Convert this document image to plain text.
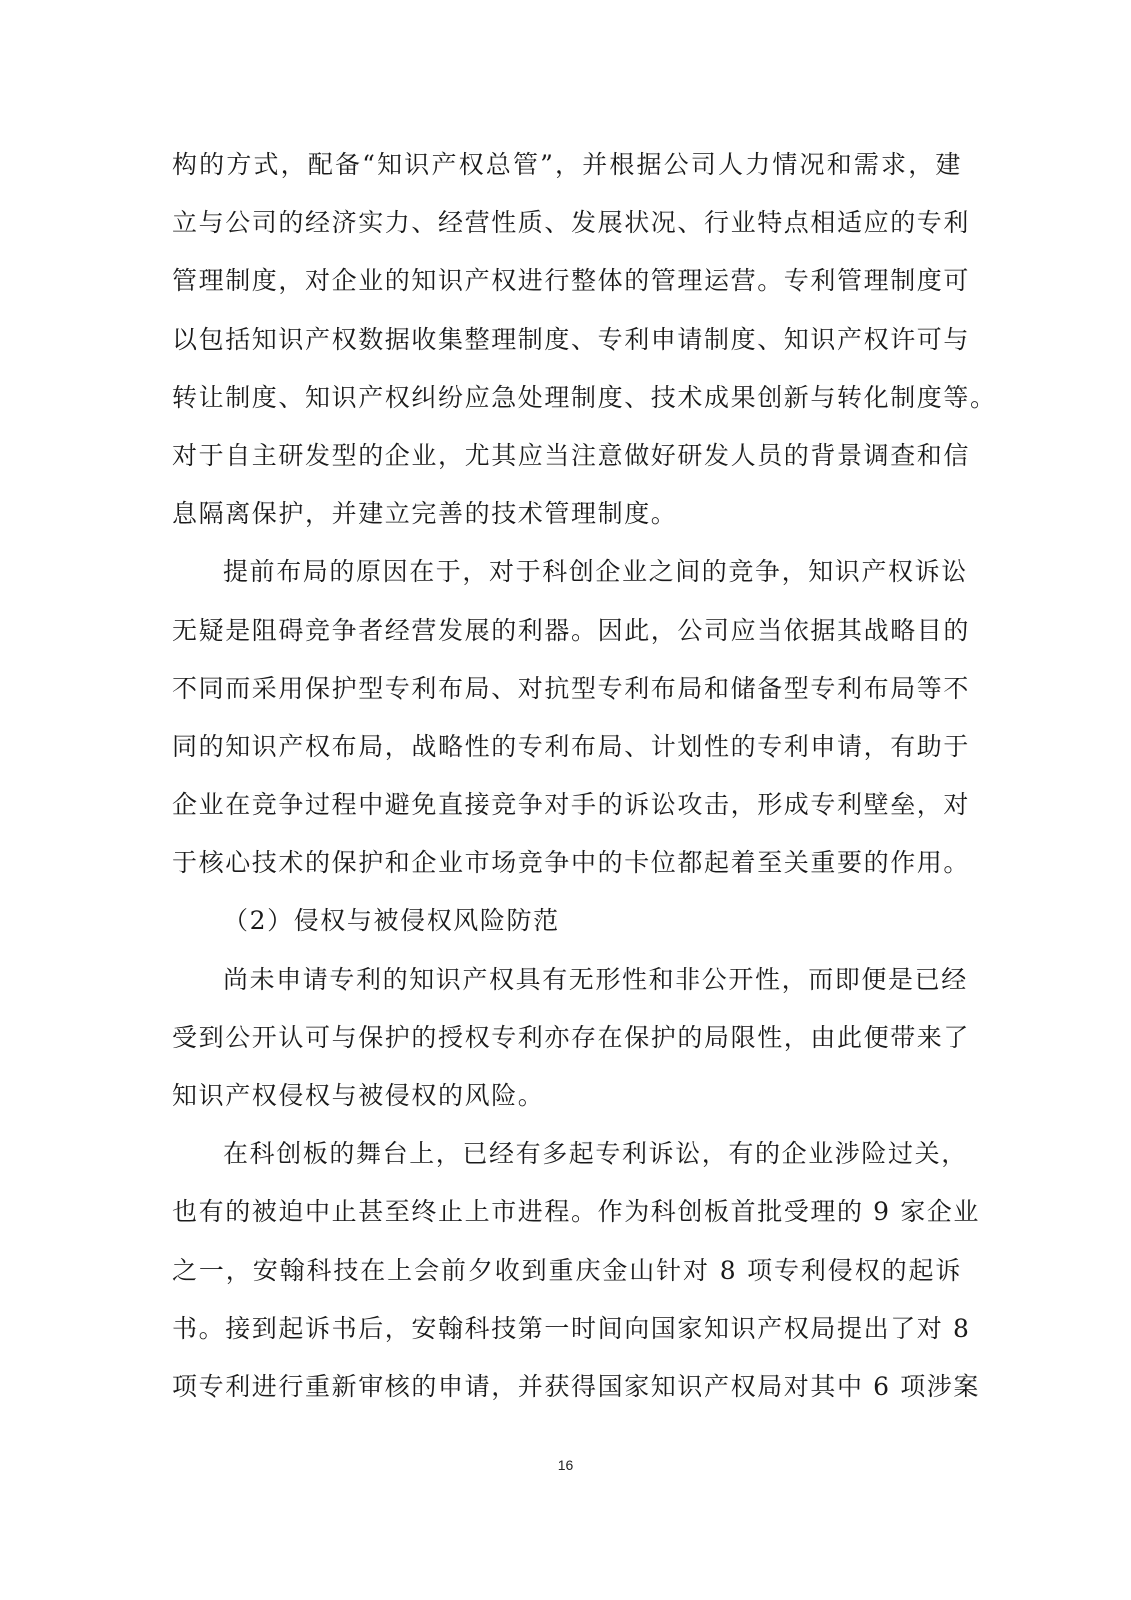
构的方式，配备“知识产权总管”，并根据公司人力情况和需求，建
立与公司的经济实力、经营性质、发展状况、行业特点相适应的专利
管理制度，对企业的知识产权进行整体的管理运营。专利管理制度可
以包括知识产权数据收集整理制度、专利申请制度、知识产权许可与
转让制度、知识产权纠纷应急处理制度、技术成果创新与转化制度等。
对于自主研发型的企业，尤其应当注意做好研发人员的背景调查和信
息隔离保护，并建立完善的技术管理制度。
提前布局的原因在于，对于科创企业之间的竞争，知识产权诉讼
无疑是阻碍竞争者经营发展的利器。因此，公司应当依据其战略目的
不同而采用保护型专利布局、对抗型专利布局和储备型专利布局等不
同的知识产权布局，战略性的专利布局、计划性的专利申请，有助于
企业在竞争过程中避免直接竞争对手的诉讼攻击，形成专利壁垒，对
于核心技术的保护和企业市场竞争中的卡位都起着至关重要的作用。
（2）侵权与被侵权风险防范
尚未申请专利的知识产权具有无形性和非公开性，而即便是已经
受到公开认可与保护的授权专利亦存在保护的局限性，由此便带来了
知识产权侵权与被侵权的风险。
在科创板的舞台上，已经有多起专利诉讼，有的企业涉险过关，
也有的被迫中止甚至终止上市进程。作为科创板首批受理的 9 家企业
之一，安翰科技在上会前夕收到重庆金山针对 8 项专利侵权的起诉
书。接到起诉书后，安翰科技第一时间向国家知识产权局提出了对 8
项专利进行重新审核的申请，并获得国家知识产权局对其中 6 项涉案
16
